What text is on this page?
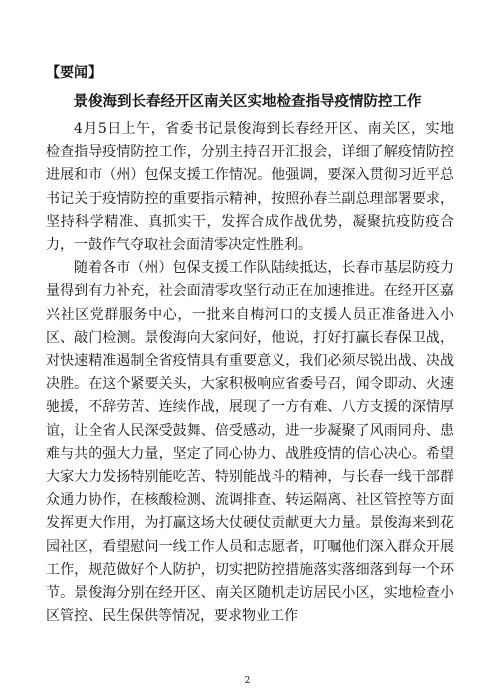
【要闻】
景俊海到长春经开区南关区实地检查指导疫情防控工作

4月5日上午，省委书记景俊海到长春经开区、南关区，实地检查指导疫情防控工作，分别主持召开汇报会，详细了解疫情防控进展和市（州）包保支援工作情况。他强调，要深入贯彻习近平总书记关于疫情防控的重要指示精神，按照孙春兰副总理部署要求，坚持科学精准、真抓实干，发挥合成作战优势，凝聚抗疫防疫合力，一鼓作气夺取社会面清零决定性胜利。

随着各市（州）包保支援工作队陆续抵达，长春市基层防疫力量得到有力补充，社会面清零攻坚行动正在加速推进。在经开区嘉兴社区党群服务中心，一批来自梅河口的支援人员正准备进入小区、敲门检测。景俊海向大家问好，他说，打好打赢长春保卫战，对快速精准遏制全省疫情具有重要意义，我们必须尽锐出战、决战决胜。在这个紧要关头，大家积极响应省委号召，闻令即动、火速驰援，不辞劳苦、连续作战，展现了一方有难、八方支援的深情厚谊，让全省人民深受鼓舞、倍受感动，进一步凝聚了风雨同舟、患难与共的强大力量，坚定了同心协力、战胜疫情的信心决心。希望大家大力发扬特别能吃苦、特别能战斗的精神，与长春一线干部群众通力协作，在核酸检测、流调排查、转运隔离、社区管控等方面发挥更大作用，为打赢这场大仗硬仗贡献更大力量。景俊海来到花园社区，看望慰问一线工作人员和志愿者，叮嘱他们深入群众开展工作，规范做好个人防护，切实把防控措施落实落细落到每一个环节。景俊海分别在经开区、南关区随机走访居民小区，实地检查小区管控、民生保供等情况，要求物业工作

2
